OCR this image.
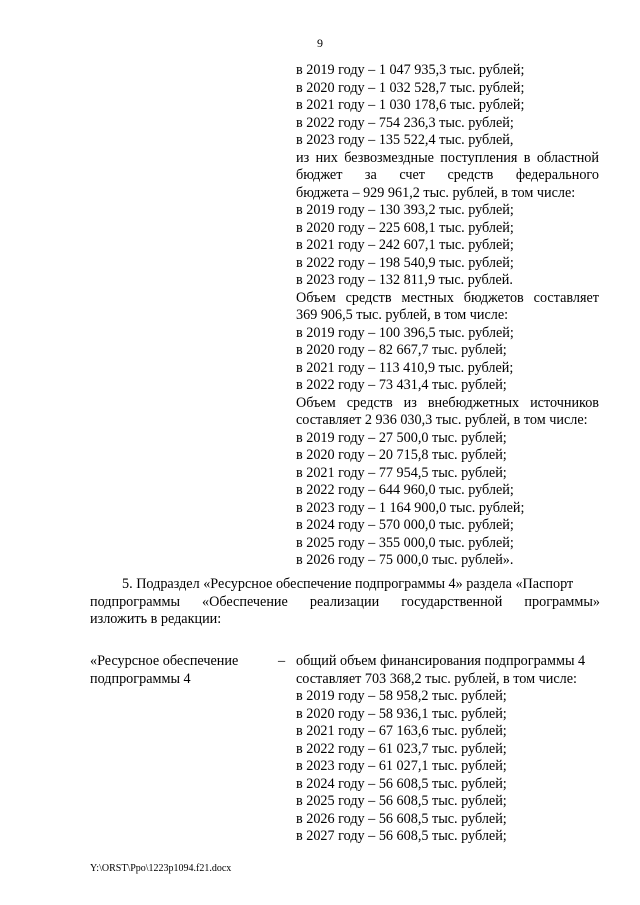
9
в 2019 году – 1 047 935,3 тыс. рублей;
в 2020 году – 1 032 528,7 тыс. рублей;
в 2021 году – 1 030 178,6 тыс. рублей;
в 2022 году – 754 236,3 тыс. рублей;
в 2023 году – 135 522,4 тыс. рублей,
из них безвозмездные поступления в областной
бюджет за счет средств федерального
бюджета – 929 961,2 тыс. рублей, в том числе:
в 2019 году – 130 393,2 тыс. рублей;
в 2020 году – 225 608,1 тыс. рублей;
в 2021 году – 242 607,1 тыс. рублей;
в 2022 году – 198 540,9 тыс. рублей;
в 2023 году – 132 811,9 тыс. рублей.
Объем средств местных бюджетов составляет
369 906,5 тыс. рублей, в том числе:
в 2019 году – 100 396,5 тыс. рублей;
в 2020 году – 82 667,7 тыс. рублей;
в 2021 году – 113 410,9 тыс. рублей;
в 2022 году – 73 431,4 тыс. рублей;
Объем средств из внебюджетных источников
составляет 2 936 030,3 тыс. рублей, в том числе:
в 2019 году – 27 500,0 тыс. рублей;
в 2020 году – 20 715,8 тыс. рублей;
в 2021 году – 77 954,5 тыс. рублей;
в 2022 году – 644 960,0 тыс. рублей;
в 2023 году – 1 164 900,0 тыс. рублей;
в 2024 году – 570 000,0 тыс. рублей;
в 2025 году – 355 000,0 тыс. рублей;
в 2026 году – 75 000,0 тыс. рублей».
5. Подраздел «Ресурсное обеспечение подпрограммы 4» раздела «Паспорт
подпрограммы «Обеспечение реализации государственной программы»
изложить в редакции:
«Ресурсное обеспечение
подпрограммы 4
– общий объем финансирования подпрограммы 4
составляет 703 368,2 тыс. рублей, в том числе:
в 2019 году – 58 958,2 тыс. рублей;
в 2020 году – 58 936,1 тыс. рублей;
в 2021 году – 67 163,6 тыс. рублей;
в 2022 году – 61 023,7 тыс. рублей;
в 2023 году – 61 027,1 тыс. рублей;
в 2024 году – 56 608,5 тыс. рублей;
в 2025 году – 56 608,5 тыс. рублей;
в 2026 году – 56 608,5 тыс. рублей;
в 2027 году – 56 608,5 тыс. рублей;
Y:\ORST\Ppo\1223p1094.f21.docx
